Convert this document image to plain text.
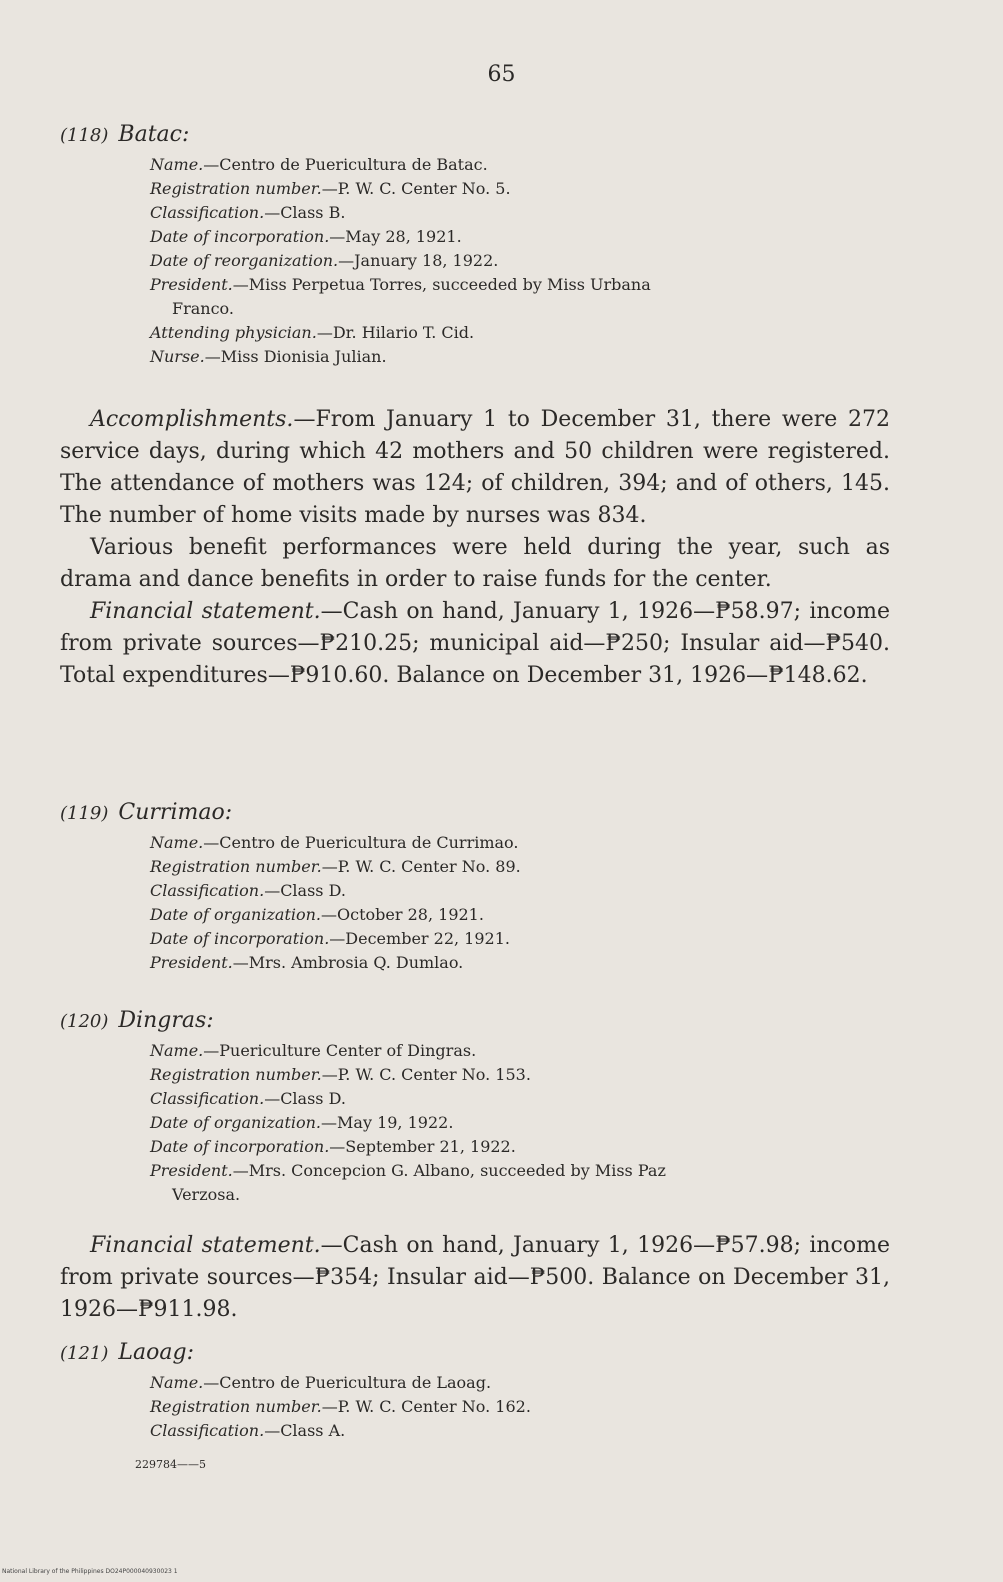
65
(118) Batac:
Name.—Centro de Puericultura de Batac.
Registration number.—P. W. C. Center No. 5.
Classification.—Class B.
Date of incorporation.—May 28, 1921.
Date of reorganization.—January 18, 1922.
President.—Miss Perpetua Torres, succeeded by Miss Urbana
Franco.
Attending physician.—Dr. Hilario T. Cid.
Nurse.—Miss Dionisia Julian.

Accomplishments.—From January 1 to December 31, there were 272 service days, during which 42 mothers and 50 children were registered. The attendance of mothers was 124; of children, 394; and of others, 145. The number of home visits made by nurses was 834.

Various benefit performances were held during the year, such as drama and dance benefits in order to raise funds for the center.

Financial statement.—Cash on hand, January 1, 1926—₱58.97; income from private sources—₱210.25; municipal aid—₱250; Insular aid—₱540. Total expenditures—₱910.60. Balance on December 31, 1926—₱148.62.

(119) Currimao:
Name.—Centro de Puericultura de Currimao.
Registration number.—P. W. C. Center No. 89.
Classification.—Class D.
Date of organization.—October 28, 1921.
Date of incorporation.—December 22, 1921.
President.—Mrs. Ambrosia Q. Dumlao.
(120) Dingras:
Name.—Puericulture Center of Dingras.
Registration number.—P. W. C. Center No. 153.
Classification.—Class D.
Date of organization.—May 19, 1922.
Date of incorporation.—September 21, 1922.
President.—Mrs. Concepcion G. Albano, succeeded by Miss Paz
Verzosa.

Financial statement.—Cash on hand, January 1, 1926—₱57.98; income from private sources—₱354; Insular aid—₱500. Balance on December 31, 1926—₱911.98.

(121) Laoag:
Name.—Centro de Puericultura de Laoag.
Registration number.—P. W. C. Center No. 162.
Classification.—Class A.
229784——5
National Library of the Philippines DO24P000040930023 1
